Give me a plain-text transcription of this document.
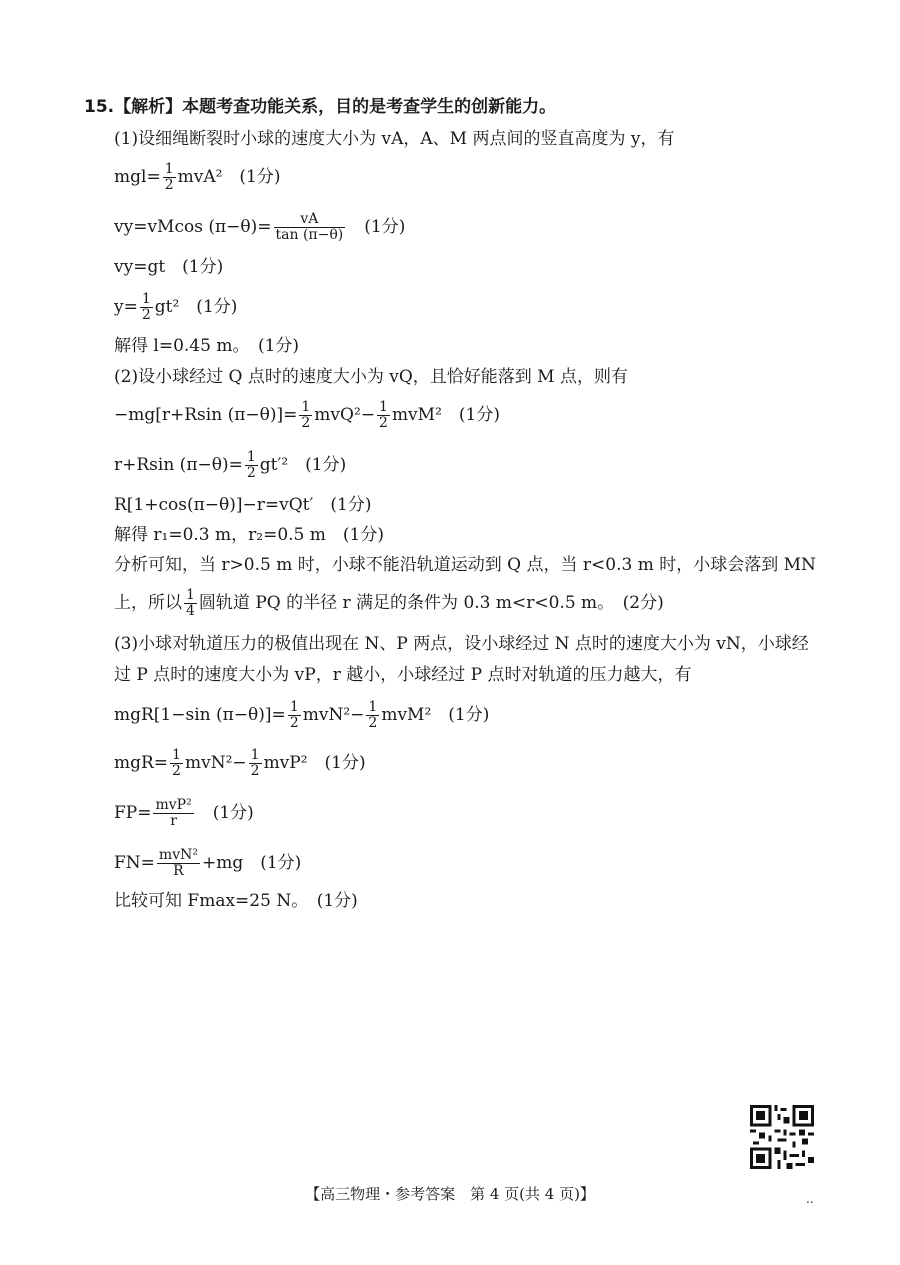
15.【解析】本题考查功能关系，目的是考查学生的创新能力。
(1)设细绳断裂时小球的速度大小为 vA，A、M 两点间的竖直高度为 y，有
$mgl= \frac{1}{2} mvA^2$　(1分)
vy=vMcos $(\pi-\theta)= \frac{vA}{\tan (\pi-\theta)}$
　 (1分)
vy=gt　(1分)
$y= \frac{1}{2} gt^2$　(1分)
解得 l=0.45 m。　(1分)
(2)设小球经过 Q 点时的速度大小为 vQ，且恰好能落到 M 点，则有
−mg[r+Rsin $(\pi-\theta)]= \frac{1}{2} mvQ^2- \frac{1}{2} mvM^2$　(1分)
r+Rsin $(\pi-\theta)= \frac{1}{2} gt'^2$　(1分)
R[1+cos(π−θ)]−r=vQt′　(1分)
解得 r₁=0.3 m，r₂=0.5 m　(1分)
分析可知，当 r>0.5 m 时，小球不能沿轨道运动到 Q 点，当 r<0.3 m 时，小球会落到 MN
上，所以 $\frac{1}{4}$ 圆轨道 PQ 的半径 r 满足的条件为 0.3 m<r<0.5 m。　(2分)
(3)小球对轨道压力的极值出现在 N、P 两点，设小球经过 N 点时的速度大小为 vN，小球经
过 P 点时的速度大小为 vP，r 越小，小球经过 P 点时对轨道的压力越大，有
mgR[1−sin $(\pi-\theta)]= \frac{1}{2} mvN^2- \frac{1}{2} mvM^2$　(1分)
$mgR= \frac{1}{2} mvN^2- \frac{1}{2} mvP^2$　(1分)
$FP= \frac{\text{mvP²}}{r}$
　 (1分)
$FN= \frac{\text{mvN²}}{R} +mg$　(1分)
比较可知 Fmax=25 N。　(1分)
【高三物理・参考答案　第 4 页(共 4 页)】	..
